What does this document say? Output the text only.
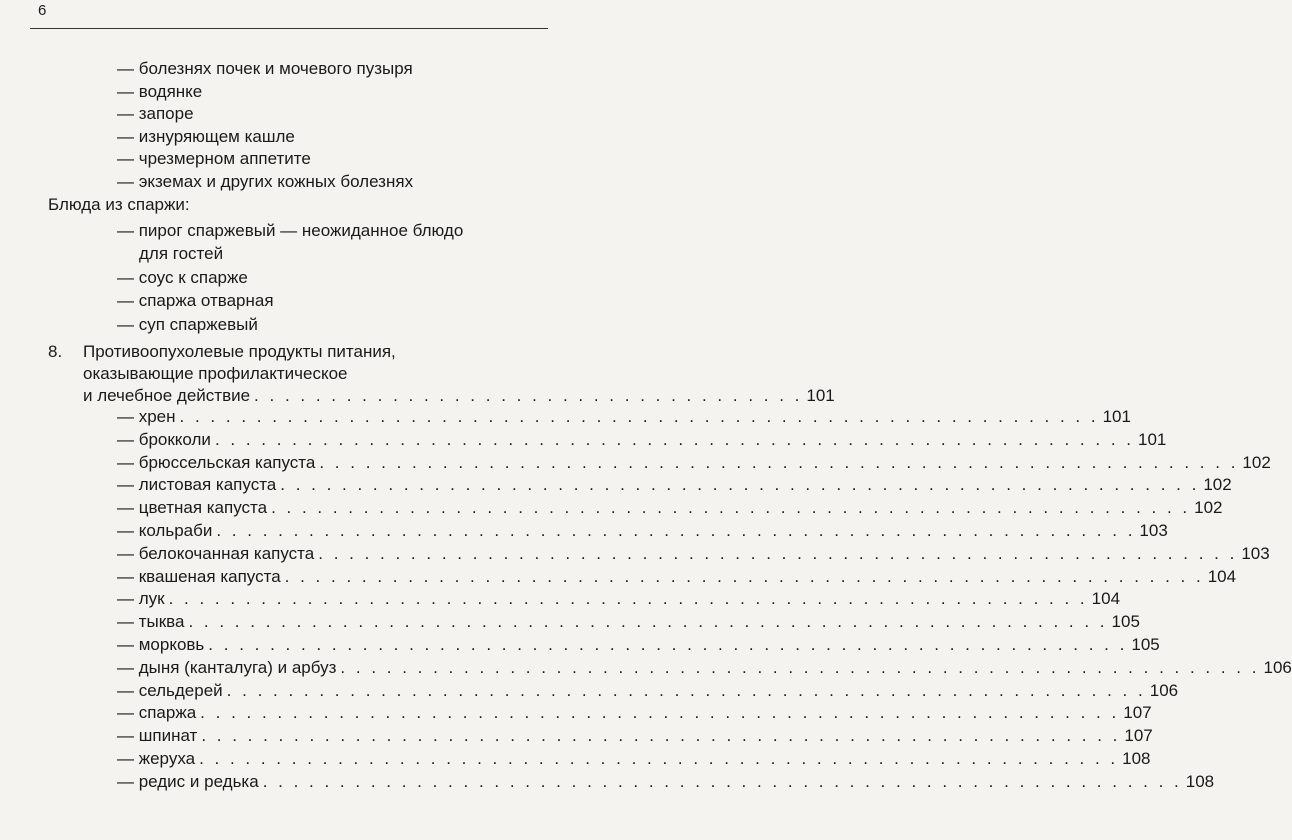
6
— болезнях почек и мочевого пузыря
— водянке
— запоре
— изнуряющем кашле
— чрезмерном аппетите
— экземах и других кожных болезнях
Блюда из спаржи:
— пирог спаржевый — неожиданное блюдо
для гостей
— соус к спарже
— спаржа отварная
— суп спаржевый
8. Противоопухолевые продукты питания,
оказывающие профилактическое
и лечебное действие . . . . . . . . . . . . . . . . . . . . . . . . . . . . . . . . . . . . 101
— хрен . . . . . . . . . . . . . . . . . . . . . . . . . . . . . . . . . . . . . . . . . . . . . . . . . . . . . . . . . . . . 101
— брокколи . . . . . . . . . . . . . . . . . . . . . . . . . . . . . . . . . . . . . . . . . . . . . . . . . . . . . . . . . . . . 101
— брюссельская капуста . . . . . . . . . . . . . . . . . . . . . . . . . . . . . . . . . . . . . . . . . . . . . . . . . . . . . . . . . . . . 102
— листовая капуста . . . . . . . . . . . . . . . . . . . . . . . . . . . . . . . . . . . . . . . . . . . . . . . . . . . . . . . . . . . . 102
— цветная капуста . . . . . . . . . . . . . . . . . . . . . . . . . . . . . . . . . . . . . . . . . . . . . . . . . . . . . . . . . . . . 102
— кольраби . . . . . . . . . . . . . . . . . . . . . . . . . . . . . . . . . . . . . . . . . . . . . . . . . . . . . . . . . . . . 103
— белокочанная капуста . . . . . . . . . . . . . . . . . . . . . . . . . . . . . . . . . . . . . . . . . . . . . . . . . . . . . . . . . . . . 103
— квашеная капуста . . . . . . . . . . . . . . . . . . . . . . . . . . . . . . . . . . . . . . . . . . . . . . . . . . . . . . . . . . . . 104
— лук . . . . . . . . . . . . . . . . . . . . . . . . . . . . . . . . . . . . . . . . . . . . . . . . . . . . . . . . . . . . 104
— тыква . . . . . . . . . . . . . . . . . . . . . . . . . . . . . . . . . . . . . . . . . . . . . . . . . . . . . . . . . . . . 105
— морковь . . . . . . . . . . . . . . . . . . . . . . . . . . . . . . . . . . . . . . . . . . . . . . . . . . . . . . . . . . . . 105
— дыня (канталуга) и арбуз . . . . . . . . . . . . . . . . . . . . . . . . . . . . . . . . . . . . . . . . . . . . . . . . . . . . . . . . . . . . 106
— сельдерей . . . . . . . . . . . . . . . . . . . . . . . . . . . . . . . . . . . . . . . . . . . . . . . . . . . . . . . . . . . . 106
— спаржа . . . . . . . . . . . . . . . . . . . . . . . . . . . . . . . . . . . . . . . . . . . . . . . . . . . . . . . . . . . . 107
— шпинат . . . . . . . . . . . . . . . . . . . . . . . . . . . . . . . . . . . . . . . . . . . . . . . . . . . . . . . . . . . . 107
— жеруха . . . . . . . . . . . . . . . . . . . . . . . . . . . . . . . . . . . . . . . . . . . . . . . . . . . . . . . . . . . . 108
— редис и редька . . . . . . . . . . . . . . . . . . . . . . . . . . . . . . . . . . . . . . . . . . . . . . . . . . . . . . . . . . . . 108
